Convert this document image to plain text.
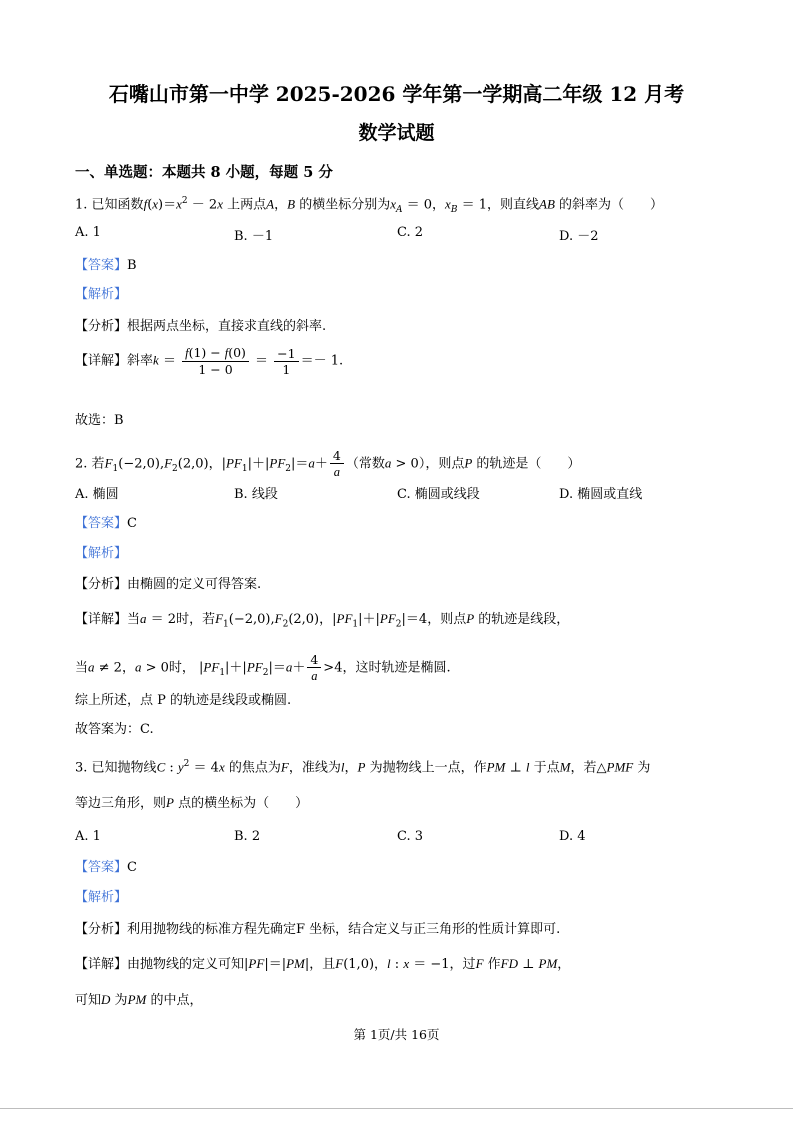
石嘴山市第一中学 2025-2026 学年第一学期高二年级 12 月考
数学试题
一、单选题：本题共 8 小题，每题 5 分
1. 已知函数$f(x)=x^2 - 2x$ 上两点A，B 的横坐标分别为$x_A = 0$，$x_B = 1$，则直线AB 的斜率为（　　）
A. 1	B. －1	C. 2	D. －2
【答案】B
【解析】
【分析】根据两点坐标，直接求直线的斜率.
【详解】斜率$k = \frac{f(1) - f(0)}{1 - 0} = \frac{-1}{1} =- 1$.
故选：B
2. 若$F_1(-2,0),F_2(2,0)$，$|PF_1|+|PF_2|=a+ \frac{4}{a}$ （常数a > 0），则点P 的轨迹是（　　）
A. 椭圆	B. 线段	C. 椭圆或线段	D. 椭圆或直线
【答案】C
【解析】
【分析】由椭圆的定义可得答案.
【详解】当a ＝ 2时，若$F_1(-2,0),F_2(2,0)$，$|PF_1|+|PF_2|=4$，则点P 的轨迹是线段，
当a ≠ 2，a > 0时， $|PF_1|+|PF_2|=a+ \frac{4}{a} >4$，这时轨迹是椭圆.
综上所述，点 P 的轨迹是线段或椭圆.
故答案为：C.
3. 已知抛物线C : $y^2 = 4x$ 的焦点为F，准线为l，P 为抛物线上一点，作PM ⊥ l 于点M，若△PMF 为
等边三角形，则P 点的横坐标为（　　）
A. 1	B. 2	C. 3	D. 4
【答案】C
【解析】
【分析】利用抛物线的标准方程先确定F 坐标，结合定义与正三角形的性质计算即可.
【详解】由抛物线的定义可知|PF|＝|PM|，且F(1,0)，l : x ＝ −1，过F 作FD ⊥ PM，
可知D 为PM 的中点，
第 1页/共 16页
